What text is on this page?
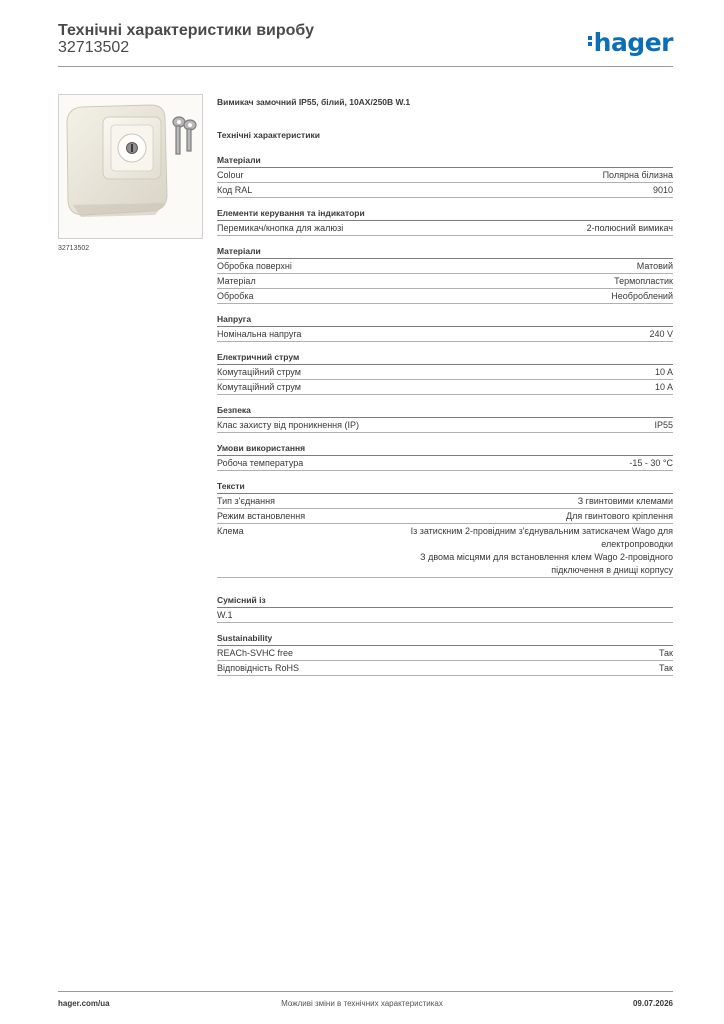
Технічні характеристики виробу
32713502	hager
32713502
Вимикач замочний IP55, білий, 10AX/250В W.1
Технічні характеристики
Матеріали
Colour	Полярна білизна
Код RAL	9010
Елементи керування та індикатори
Перемикач/кнопка для жалюзі	2-полюсний вимикач
Матеріали
Обробка поверхні	Матовий
Матеріал	Термопластик
Обробка	Необроблений
Напруга
Номінальна напруга	240 V
Електричний струм
Комутаційний струм	10 A
Комутаційний струм	10 A
Безпека
Клас захисту від проникнення (IP)	IP55
Умови використання
Робоча температура	-15 - 30 °C
Тексти
Тип з'єднання	З гвинтовими клемами
Режим встановлення	Для гвинтового кріплення
Клема	Із затискним 2-провідним з'єднувальним затискачем Wago для
електропроводки
З двома місцями для встановлення клем Wago 2-провідного
підключення в днищі корпусу
Сумісний із
W.1
Sustainability
REACh-SVHC free	Так
Відповідність RoHS	Так
hager.com/ua	Можливі зміни в технічних характеристиках	09.07.2026
